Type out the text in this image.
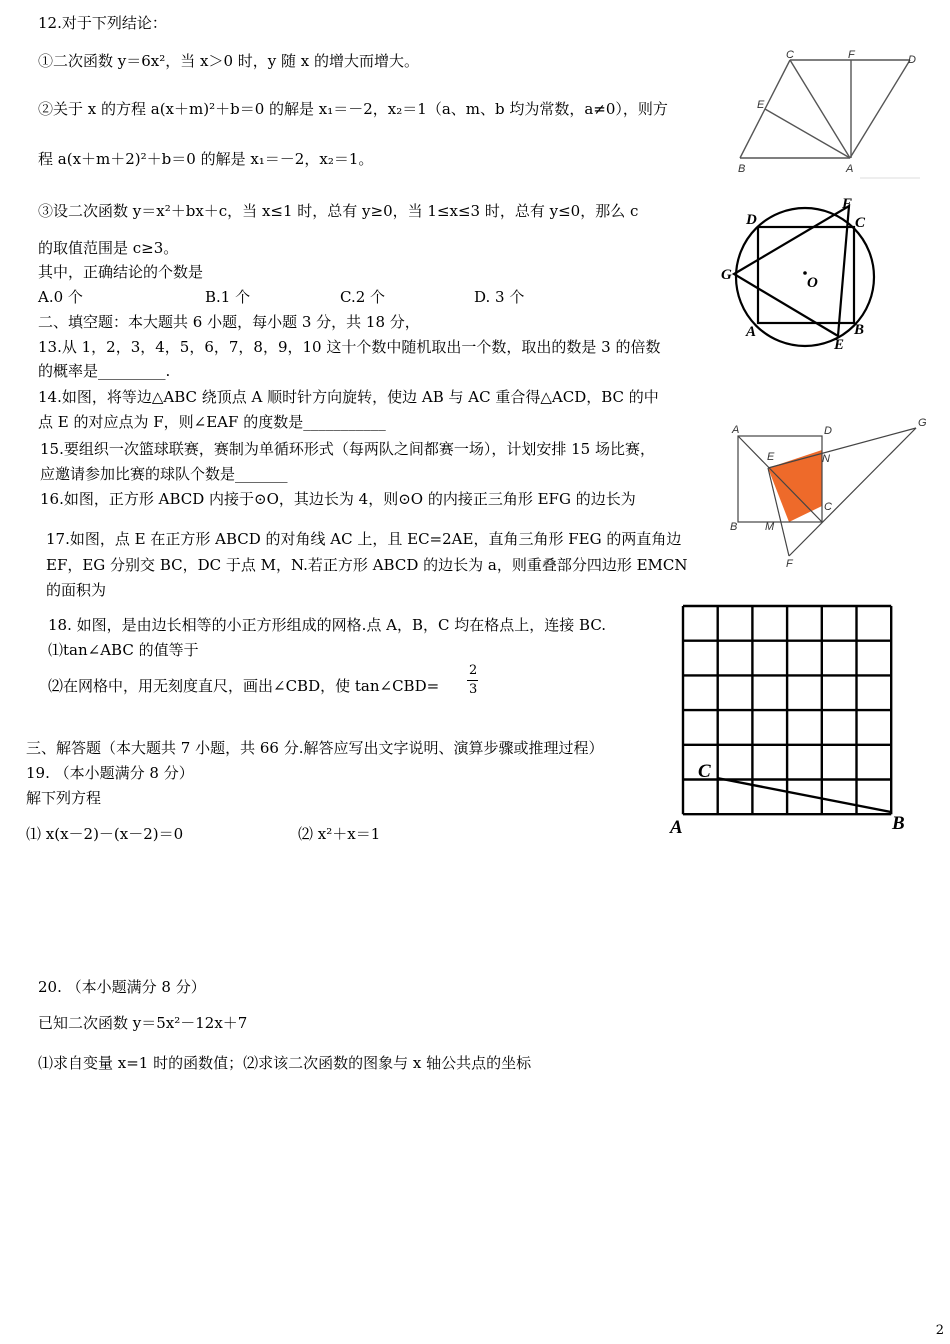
12.对于下列结论：
①二次函数 y＝6x²，当 x＞0 时，y 随 x 的增大而增大。
②关于 x 的方程 a(x＋m)²＋b＝0 的解是 x₁＝－2，x₂＝1（a、m、b 均为常数，a≠0），则方
程 a(x＋m＋2)²＋b＝0 的解是 x₁＝－2，x₂＝1。
③设二次函数 y＝x²＋bx＋c，当 x≤1 时，总有 y≥0，当 1≤x≤3 时，总有 y≤0，那么 c
的取值范围是 c≥3。
其中，正确结论的个数是
A.0 个	B.1 个	C.2 个	D. 3 个
二、填空题：本大题共 6 小题，每小题 3 分，共 18 分，
13.从 1，2，3，4，5，6，7，8，9，10 这十个数中随机取出一个数，取出的数是 3 的倍数
的概率是_________.
14.如图，将等边△ABC 绕顶点 A 顺时针方向旋转，使边 AB 与 AC 重合得△ACD，BC 的中
点 E 的对应点为 F，则∠EAF 的度数是___________
15.要组织一次篮球联赛，赛制为单循环形式（每两队之间都赛一场），计划安排 15 场比赛，
应邀请参加比赛的球队个数是_______
16.如图，正方形 ABCD 内接于⊙O，其边长为 4，则⊙O 的内接正三角形 EFG 的边长为
17.如图，点 E 在正方形 ABCD 的对角线 AC 上，且 EC=2AE，直角三角形 FEG 的两直角边
EF，EG 分别交 BC，DC 于点 M，N.若正方形 ABCD 的边长为 a，则重叠部分四边形 EMCN
的面积为
18. 如图，是由边长相等的小正方形组成的网格.点 A，B，C 均在格点上，连接 BC.
⑴tan∠ABC 的值等于
⑵在网格中，用无刻度直尺，画出∠CBD，使 tan∠CBD=
2
3
三、解答题（本大题共 7 小题，共 66 分.解答应写出文字说明、演算步骤或推理过程）
19. （本小题满分 8 分）
解下列方程
⑴ x(x－2)－(x－2)＝0	⑵ x²＋x＝1
20. （本小题满分 8 分）
已知二次函数 y＝5x²－12x＋7
⑴求自变量 x=1 时的函数值；⑵求该二次函数的图象与 x 轴公共点的坐标
C	F	D
E
B	A
D
F
C
G	O
A	B
E
A	D
G
E	N
C
B	M
F
C
A	B
2
